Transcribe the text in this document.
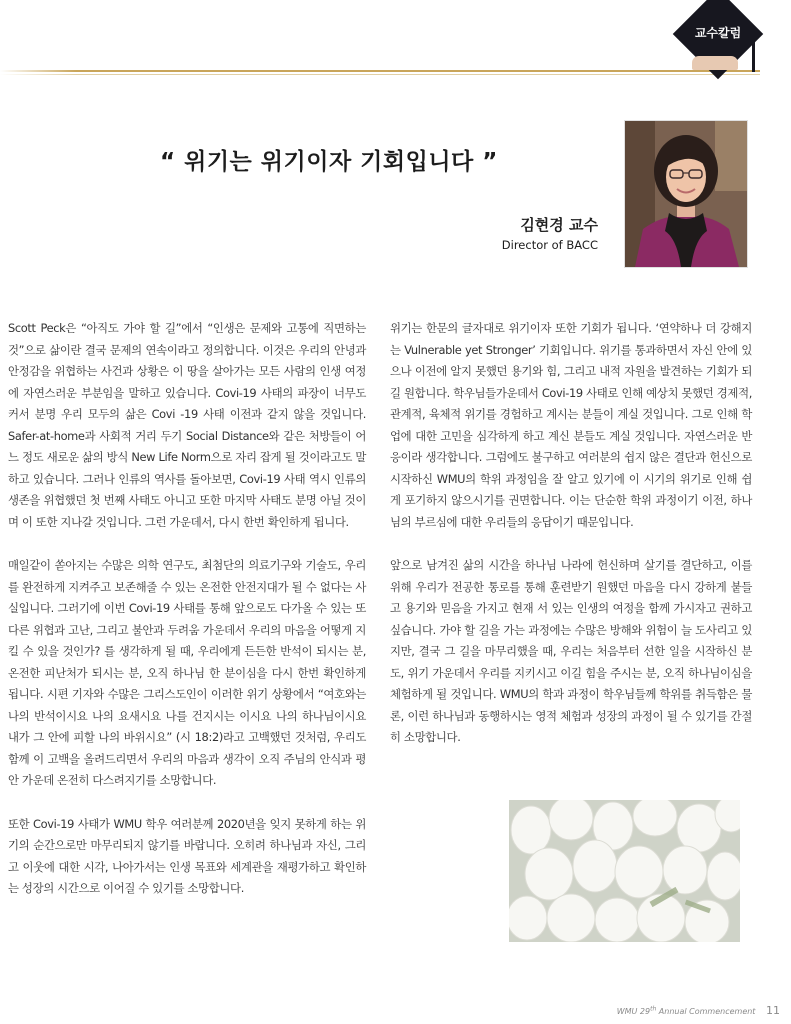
교수칼럼
“ 위기는 위기이자 기회입니다 ”
김현경 교수
Director of BACC

Scott Peck은 “아직도 가야 할 길”에서 “인생은 문제와 고통에 직면하는 것”으로 삶이란 결국 문제의 연속이라고 정의합니다. 이것은 우리의 안녕과 안정감을 위협하는 사건과 상황은 이 땅을 살아가는 모든 사람의 인생 여정에 자연스러운 부분임을 말하고 있습니다. Covi-19 사태의 파장이 너무도 커서 분명 우리 모두의 삶은 Covi -19 사태 이전과 같지 않을 것입니다. Safer-at-home과 사회적 거리 두기 Social Distance와 같은 처방들이 어느 정도 새로운 삶의 방식 New Life Norm으로 자리 잡게 될 것이라고도 말하고 있습니다. 그러나 인류의 역사를 돌아보면, Covi-19 사태 역시 인류의 생존을 위협했던 첫 번째 사태도 아니고 또한 마지막 사태도 분명 아닐 것이며 이 또한 지나갈 것입니다. 그런 가운데서, 다시 한번 확인하게 됩니다.

매일같이 쏟아지는 수많은 의학 연구도, 최첨단의 의료기구와 기술도, 우리를 완전하게 지켜주고 보존해줄 수 있는 온전한 안전지대가 될 수 없다는 사실입니다. 그러기에 이번 Covi-19 사태를 통해 앞으로도 다가올 수 있는 또 다른 위협과 고난, 그리고 불안과 두려움 가운데서 우리의 마음을 어떻게 지킬 수 있을 것인가? 를 생각하게 될 때, 우리에게 든든한 반석이 되시는 분, 온전한 피난처가 되시는 분, 오직 하나님 한 분이심을 다시 한번 확인하게 됩니다. 시편 기자와 수많은 그리스도인이 이러한 위기 상황에서 “여호와는 나의 반석이시요 나의 요새시요 나를 건지시는 이시요 나의 하나님이시요 내가 그 안에 피할 나의 바위시요” (시 18:2)라고 고백했던 것처럼, 우리도 함께 이 고백을 올려드리면서 우리의 마음과 생각이 오직 주님의 안식과 평안 가운데 온전히 다스려지기를 소망합니다.

또한 Covi-19 사태가 WMU 학우 여러분께 2020년을 잊지 못하게 하는 위기의 순간으로만 마무리되지 않기를 바랍니다. 오히려 하나님과 자신, 그리고 이웃에 대한 시각, 나아가서는 인생 목표와 세계관을 재평가하고 확인하는 성장의 시간으로 이어질 수 있기를 소망합니다.

위기는 한문의 글자대로 위기이자 또한 기회가 됩니다. ‘연약하나 더 강해지는 Vulnerable yet Stronger’ 기회입니다. 위기를 통과하면서 자신 안에 있으나 이전에 알지 못했던 용기와 힘, 그리고 내적 자원을 발견하는 기회가 되길 원합니다. 학우님들가운데서 Covi-19 사태로 인해 예상치 못했던 경제적, 관계적, 육체적 위기를 경험하고 계시는 분들이 계실 것입니다. 그로 인해 학업에 대한 고민을 심각하게 하고 계신 분들도 계실 것입니다. 자연스러운 반응이라 생각합니다. 그럼에도 불구하고 여러분의 쉽지 않은 결단과 헌신으로 시작하신 WMU의 학위 과정임을 잘 알고 있기에 이 시기의 위기로 인해 쉽게 포기하지 않으시기를 권면합니다. 이는 단순한 학위 과정이기 이전, 하나님의 부르심에 대한 우리들의 응답이기 때문입니다.

앞으로 남겨진 삶의 시간을 하나님 나라에 헌신하며 살기를 결단하고, 이를 위해 우리가 전공한 통로를 통해 훈련받기 원했던 마음을 다시 강하게 붙들고 용기와 믿음을 가지고 현재 서 있는 인생의 여정을 함께 가시자고 권하고 싶습니다. 가야 할 길을 가는 과정에는 수많은 방해와 위험이 늘 도사리고 있지만, 결국 그 길을 마무리했을 때, 우리는 처음부터 선한 일을 시작하신 분도, 위기 가운데서 우리를 지키시고 이길 힘을 주시는 분, 오직 하나님이심을 체험하게 될 것입니다. WMU의 학과 과정이 학우님들께 학위를 취득함은 물론, 이런 하나님과 동행하시는 영적 체험과 성장의 과정이 될 수 있기를 간절히 소망합니다.

WMU 29th Annual Commencement 11
